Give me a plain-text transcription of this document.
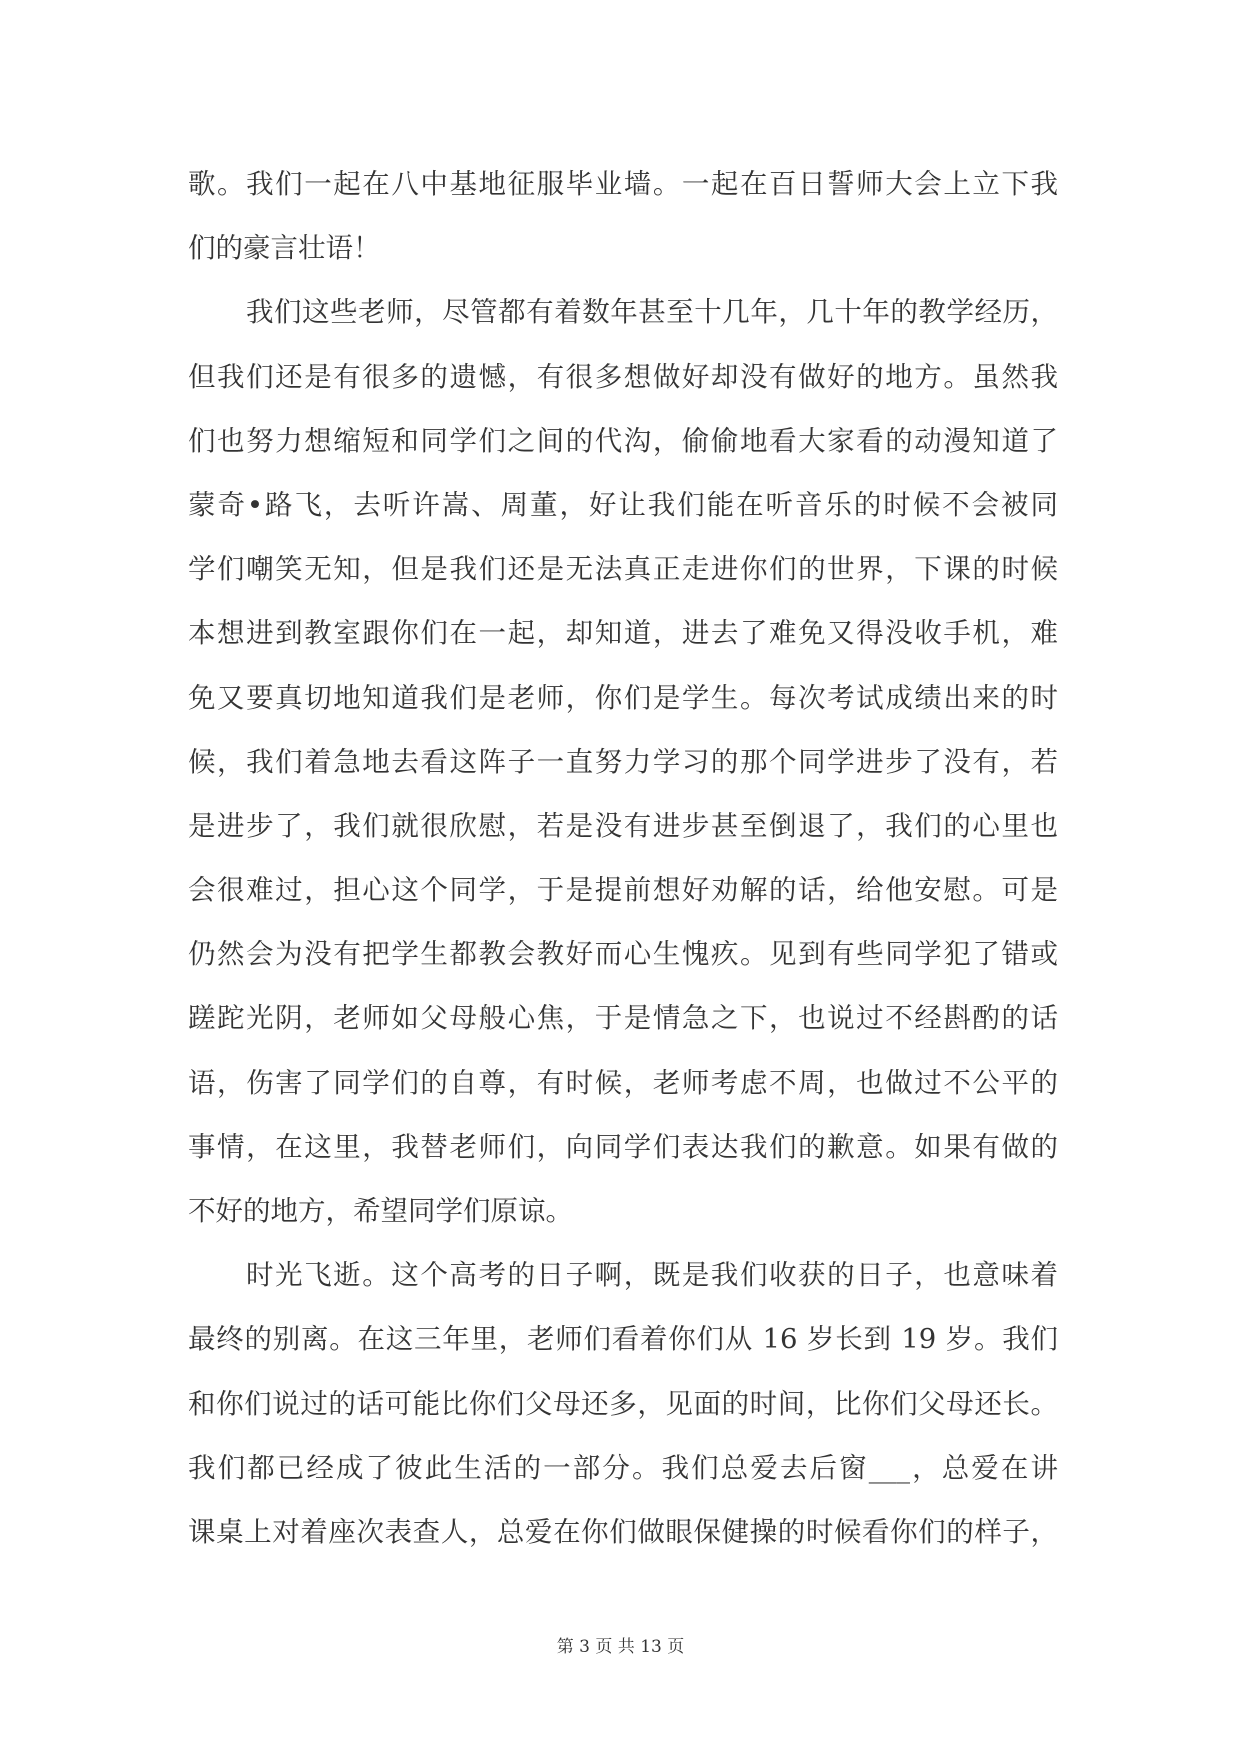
歌。我们一起在八中基地征服毕业墙。一起在百日誓师大会上立下我
们的豪言壮语！
我们这些老师，尽管都有着数年甚至十几年，几十年的教学经历，
但我们还是有很多的遗憾，有很多想做好却没有做好的地方。虽然我
们也努力想缩短和同学们之间的代沟，偷偷地看大家看的动漫知道了
蒙奇•路飞，去听许嵩、周董，好让我们能在听音乐的时候不会被同
学们嘲笑无知，但是我们还是无法真正走进你们的世界，下课的时候
本想进到教室跟你们在一起，却知道，进去了难免又得没收手机，难
免又要真切地知道我们是老师，你们是学生。每次考试成绩出来的时
候，我们着急地去看这阵子一直努力学习的那个同学进步了没有，若
是进步了，我们就很欣慰，若是没有进步甚至倒退了，我们的心里也
会很难过，担心这个同学，于是提前想好劝解的话，给他安慰。可是
仍然会为没有把学生都教会教好而心生愧疚。见到有些同学犯了错或
蹉跎光阴，老师如父母般心焦，于是情急之下，也说过不经斟酌的话
语，伤害了同学们的自尊，有时候，老师考虑不周，也做过不公平的
事情，在这里，我替老师们，向同学们表达我们的歉意。如果有做的
不好的地方，希望同学们原谅。
时光飞逝。这个高考的日子啊，既是我们收获的日子，也意味着
最终的别离。在这三年里，老师们看着你们从 16 岁长到 19 岁。我们
和你们说过的话可能比你们父母还多，见面的时间，比你们父母还长。
我们都已经成了彼此生活的一部分。我们总爱去后窗___，总爱在讲
课桌上对着座次表查人，总爱在你们做眼保健操的时候看你们的样子，
第 3 页 共 13 页
